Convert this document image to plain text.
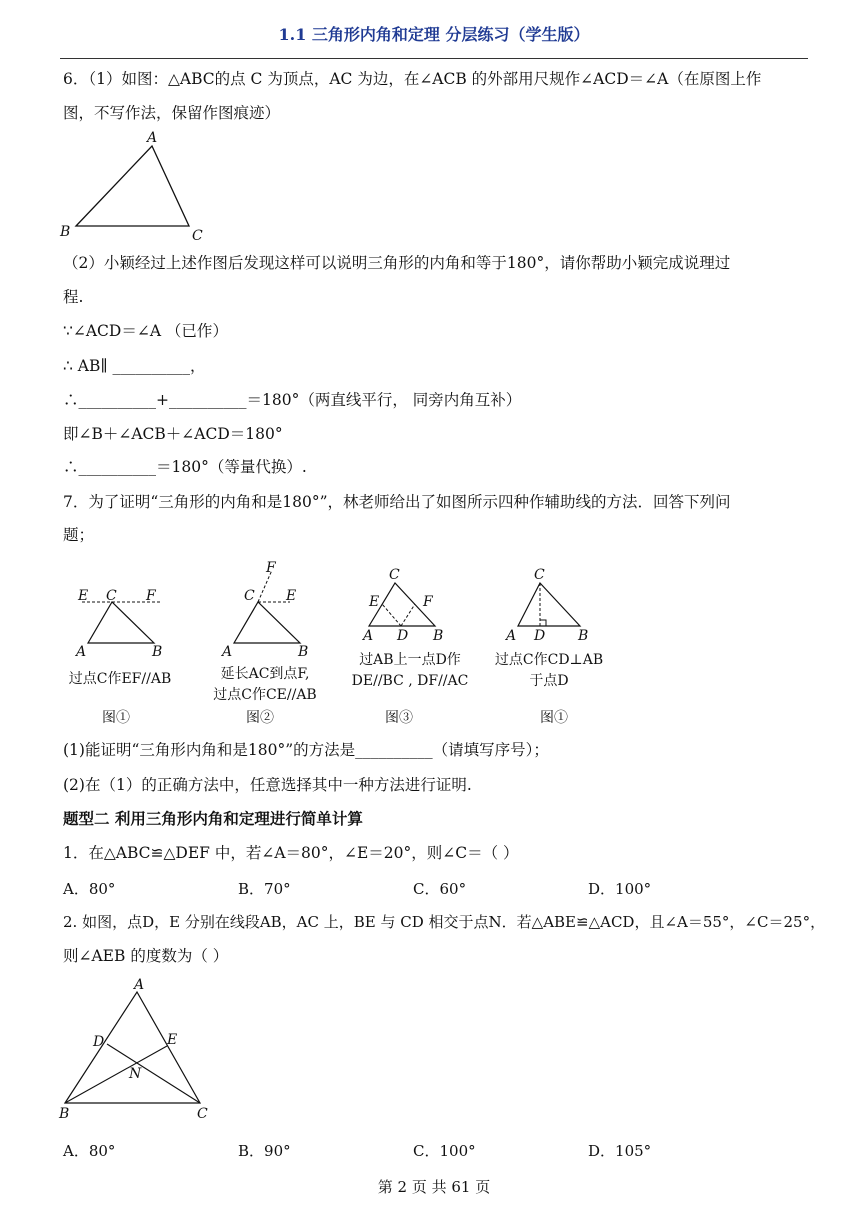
1.1 三角形内角和定理 分层练习（学生版）
6．（1）如图：△ABC的点 C 为顶点，AC 为边，在∠ACB 的外部用尺规作∠ACD＝∠A（在原图上作
图，不写作法，保留作图痕迹）
A
B	C
（2）小颖经过上述作图后发现这样可以说明三角形的内角和等于180°，请你帮助小颖完成说理过
程.
∵∠ACD＝∠A （已作）
∴ AB∥ __________，
∴__________+__________＝180°（两直线平行， 同旁内角互补）
即∠B＋∠ACB＋∠ACD＝180°
∴__________＝180°（等量代换）.
7．为了证明“三角形的内角和是180°”，林老师给出了如图所示四种作辅助线的方法．回答下列问
题；
E C F
A	B
过点C作EF//AB
图①
F
C E
A	B
延长AC到点F,
过点C作CE//AB
图②
C
E	F
A D B
过AB上一点D作
DE//BC , DF//AC
图③
C
A D B
过点C作CD⊥AB
于点D
图①
(1)能证明“三角形内角和是180°”的方法是__________（请填写序号）；
(2)在（1）的正确方法中，任意选择其中一种方法进行证明.
题型二 利用三角形内角和定理进行简单计算
1．在△ABC≌△DEF 中，若∠A＝80°，∠E＝20°，则∠C＝（ ）
A．80°	B．70°	C．60°	D．100°
2. 如图，点D，E 分别在线段AB，AC 上，BE 与 CD 相交于点N．若△ABE≌△ACD，且∠A＝55°，∠C＝25°，
则∠AEB 的度数为（ ）
A
D	E
N
B	C
A．80°	B．90°	C．100°	D．105°
第 2 页 共 61 页
